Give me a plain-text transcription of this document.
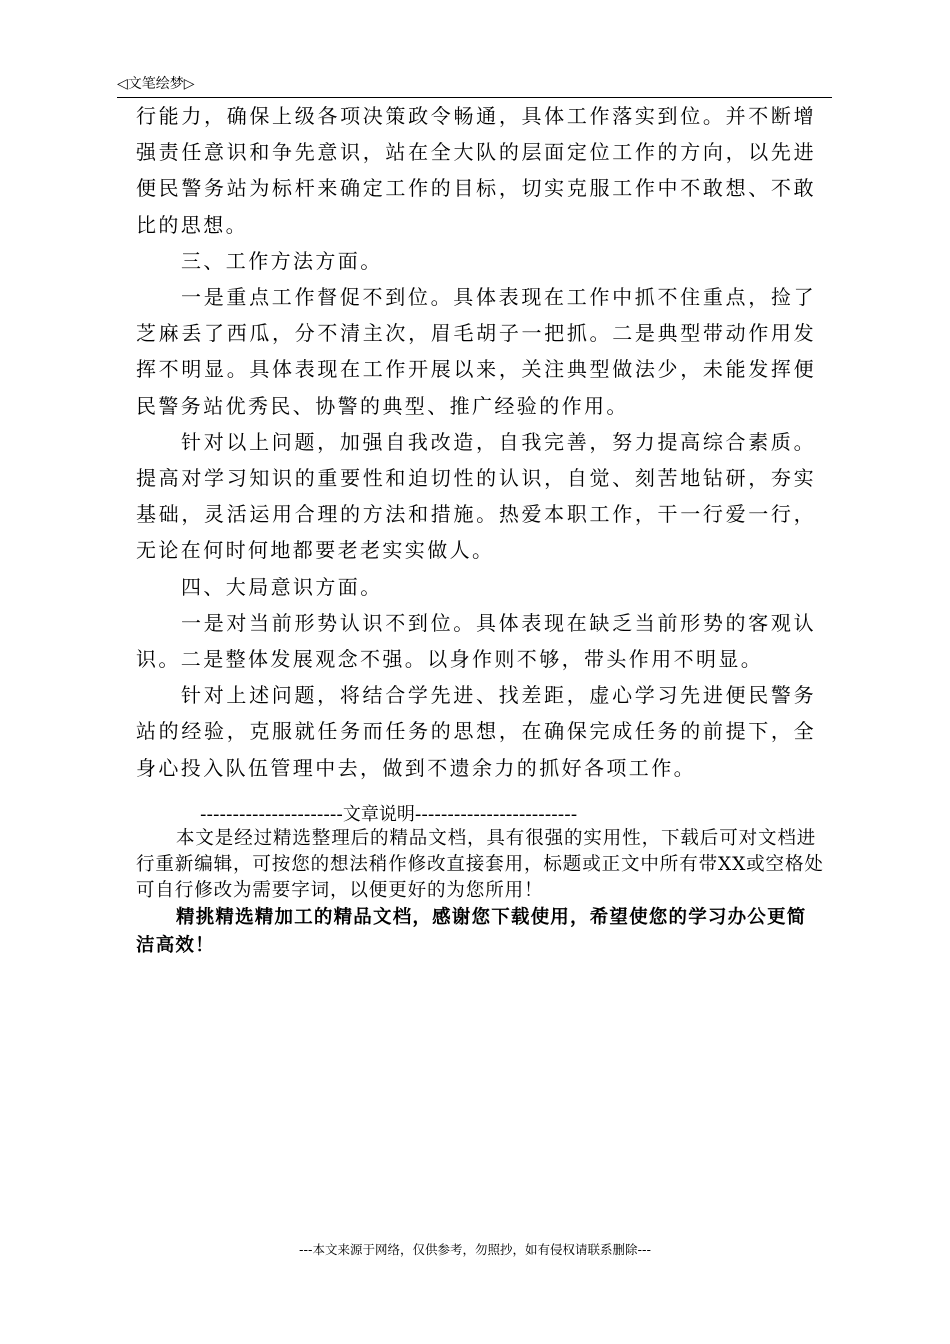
◁文笔绘梦▷

行能力，确保上级各项决策政令畅通，具体工作落实到位。并不断增强责任意识和争先意识，站在全大队的层面定位工作的方向，以先进便民警务站为标杆来确定工作的目标，切实克服工作中不敢想、不敢比的思想。

三、工作方法方面。

一是重点工作督促不到位。具体表现在工作中抓不住重点，捡了芝麻丢了西瓜，分不清主次，眉毛胡子一把抓。二是典型带动作用发挥不明显。具体表现在工作开展以来，关注典型做法少，未能发挥便民警务站优秀民、协警的典型、推广经验的作用。

针对以上问题，加强自我改造，自我完善，努力提高综合素质。提高对学习知识的重要性和迫切性的认识，自觉、刻苦地钻研，夯实基础，灵活运用合理的方法和措施。热爱本职工作，干一行爱一行，无论在何时何地都要老老实实做人。

四、大局意识方面。

一是对当前形势认识不到位。具体表现在缺乏当前形势的客观认识。二是整体发展观念不强。以身作则不够，带头作用不明显。

针对上述问题，将结合学先进、找差距，虚心学习先进便民警务站的经验，克服就任务而任务的思想，在确保完成任务的前提下，全身心投入队伍管理中去，做到不遗余力的抓好各项工作。

----------------------文章说明-------------------------

本文是经过精选整理后的精品文档，具有很强的实用性，下载后可对文档进行重新编辑，可按您的想法稍作修改直接套用，标题或正文中所有带XX或空格处可自行修改为需要字词，以便更好的为您所用！

精挑精选精加工的精品文档，感谢您下载使用，希望使您的学习办公更简洁高效！

---本文来源于网络，仅供参考，勿照抄，如有侵权请联系删除---
